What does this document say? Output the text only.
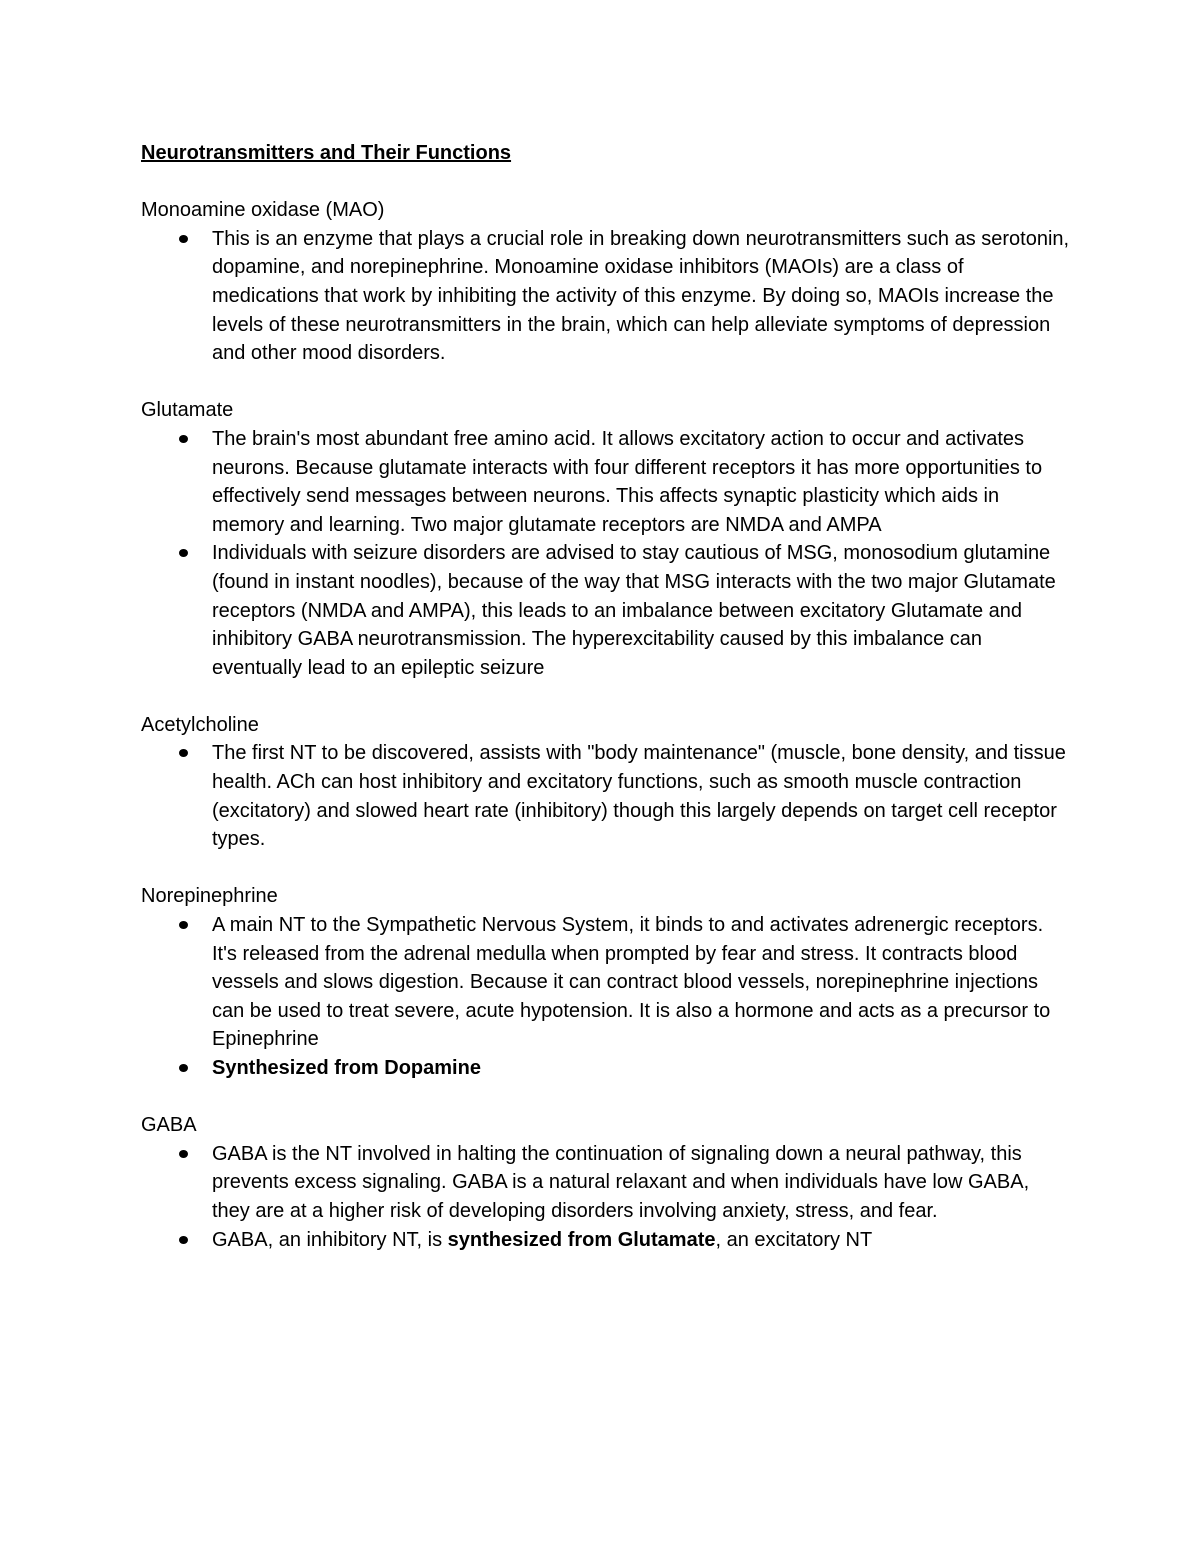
Neurotransmitters and Their Functions

Monoamine oxidase (MAO)

This is an enzyme that plays a crucial role in breaking down neurotransmitters such as serotonin, dopamine, and norepinephrine. Monoamine oxidase inhibitors (MAOIs) are a class of medications that work by inhibiting the activity of this enzyme. By doing so, MAOIs increase the levels of these neurotransmitters in the brain, which can help alleviate symptoms of depression and other mood disorders.

Glutamate

The brain's most abundant free amino acid. It allows excitatory action to occur and activates neurons. Because glutamate interacts with four different receptors it has more opportunities to effectively send messages between neurons. This affects synaptic plasticity which aids in memory and learning. Two major glutamate receptors are NMDA and AMPA
Individuals with seizure disorders are advised to stay cautious of MSG, monosodium glutamine (found in instant noodles), because of the way that MSG interacts with the two major Glutamate receptors (NMDA and AMPA), this leads to an imbalance between excitatory Glutamate and inhibitory GABA neurotransmission. The hyperexcitability caused by this imbalance can eventually lead to an epileptic seizure

Acetylcholine

The first NT to be discovered, assists with "body maintenance" (muscle, bone density, and tissue health. ACh can host inhibitory and excitatory functions, such as smooth muscle contraction (excitatory) and slowed heart rate (inhibitory) though this largely depends on target cell receptor types.

Norepinephrine

A main NT to the Sympathetic Nervous System, it binds to and activates adrenergic receptors. It's released from the adrenal medulla when prompted by fear and stress. It contracts blood vessels and slows digestion. Because it can contract blood vessels, norepinephrine injections can be used to treat severe, acute hypotension. It is also a hormone and acts as a precursor to Epinephrine
Synthesized from Dopamine

GABA

GABA is the NT involved in halting the continuation of signaling down a neural pathway, this prevents excess signaling. GABA is a natural relaxant and when individuals have low GABA, they are at a higher risk of developing disorders involving anxiety, stress, and fear.
GABA, an inhibitory NT, is synthesized from Glutamate, an excitatory NT
